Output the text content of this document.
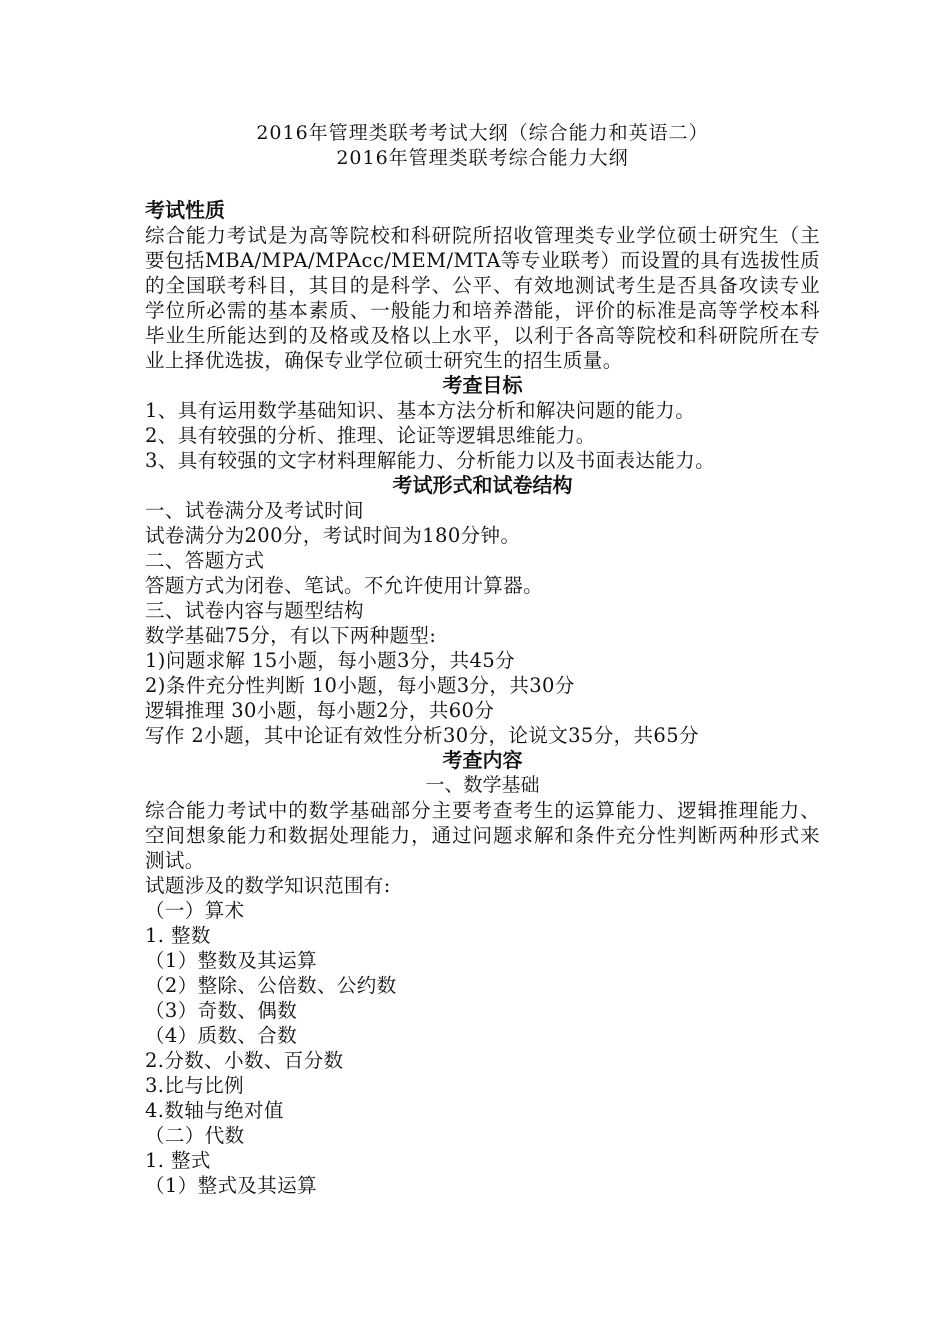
2016年管理类联考考试大纲（综合能力和英语二）

2016年管理类联考综合能力大纲

考试性质

综合能力考试是为高等院校和科研院所招收管理类专业学位硕士研究生（主要包括MBA/MPA/MPAcc/MEM/MTA等专业联考）而设置的具有选拔性质的全国联考科目，其目的是科学、公平、有效地测试考生是否具备攻读专业学位所必需的基本素质、一般能力和培养潜能，评价的标准是高等学校本科毕业生所能达到的及格或及格以上水平，以利于各高等院校和科研院所在专业上择优选拔，确保专业学位硕士研究生的招生质量。

考查目标

1、具有运用数学基础知识、基本方法分析和解决问题的能力。

2、具有较强的分析、推理、论证等逻辑思维能力。

3、具有较强的文字材料理解能力、分析能力以及书面表达能力。

考试形式和试卷结构

一、试卷满分及考试时间

试卷满分为200分，考试时间为180分钟。

二、答题方式

答题方式为闭卷、笔试。不允许使用计算器。

三、试卷内容与题型结构

数学基础75分，有以下两种题型:

1)问题求解 15小题，每小题3分，共45分

2)条件充分性判断 10小题，每小题3分，共30分

逻辑推理 30小题，每小题2分，共60分

写作 2小题，其中论证有效性分析30分，论说文35分，共65分

考查内容

一、数学基础

综合能力考试中的数学基础部分主要考查考生的运算能力、逻辑推理能力、空间想象能力和数据处理能力，通过问题求解和条件充分性判断两种形式来测试。

试题涉及的数学知识范围有:

（一）算术

1. 整数

（1）整数及其运算

（2）整除、公倍数、公约数

（3）奇数、偶数

（4）质数、合数

2.分数、小数、百分数

3.比与比例

4.数轴与绝对值

（二）代数

1. 整式

（1）整式及其运算
